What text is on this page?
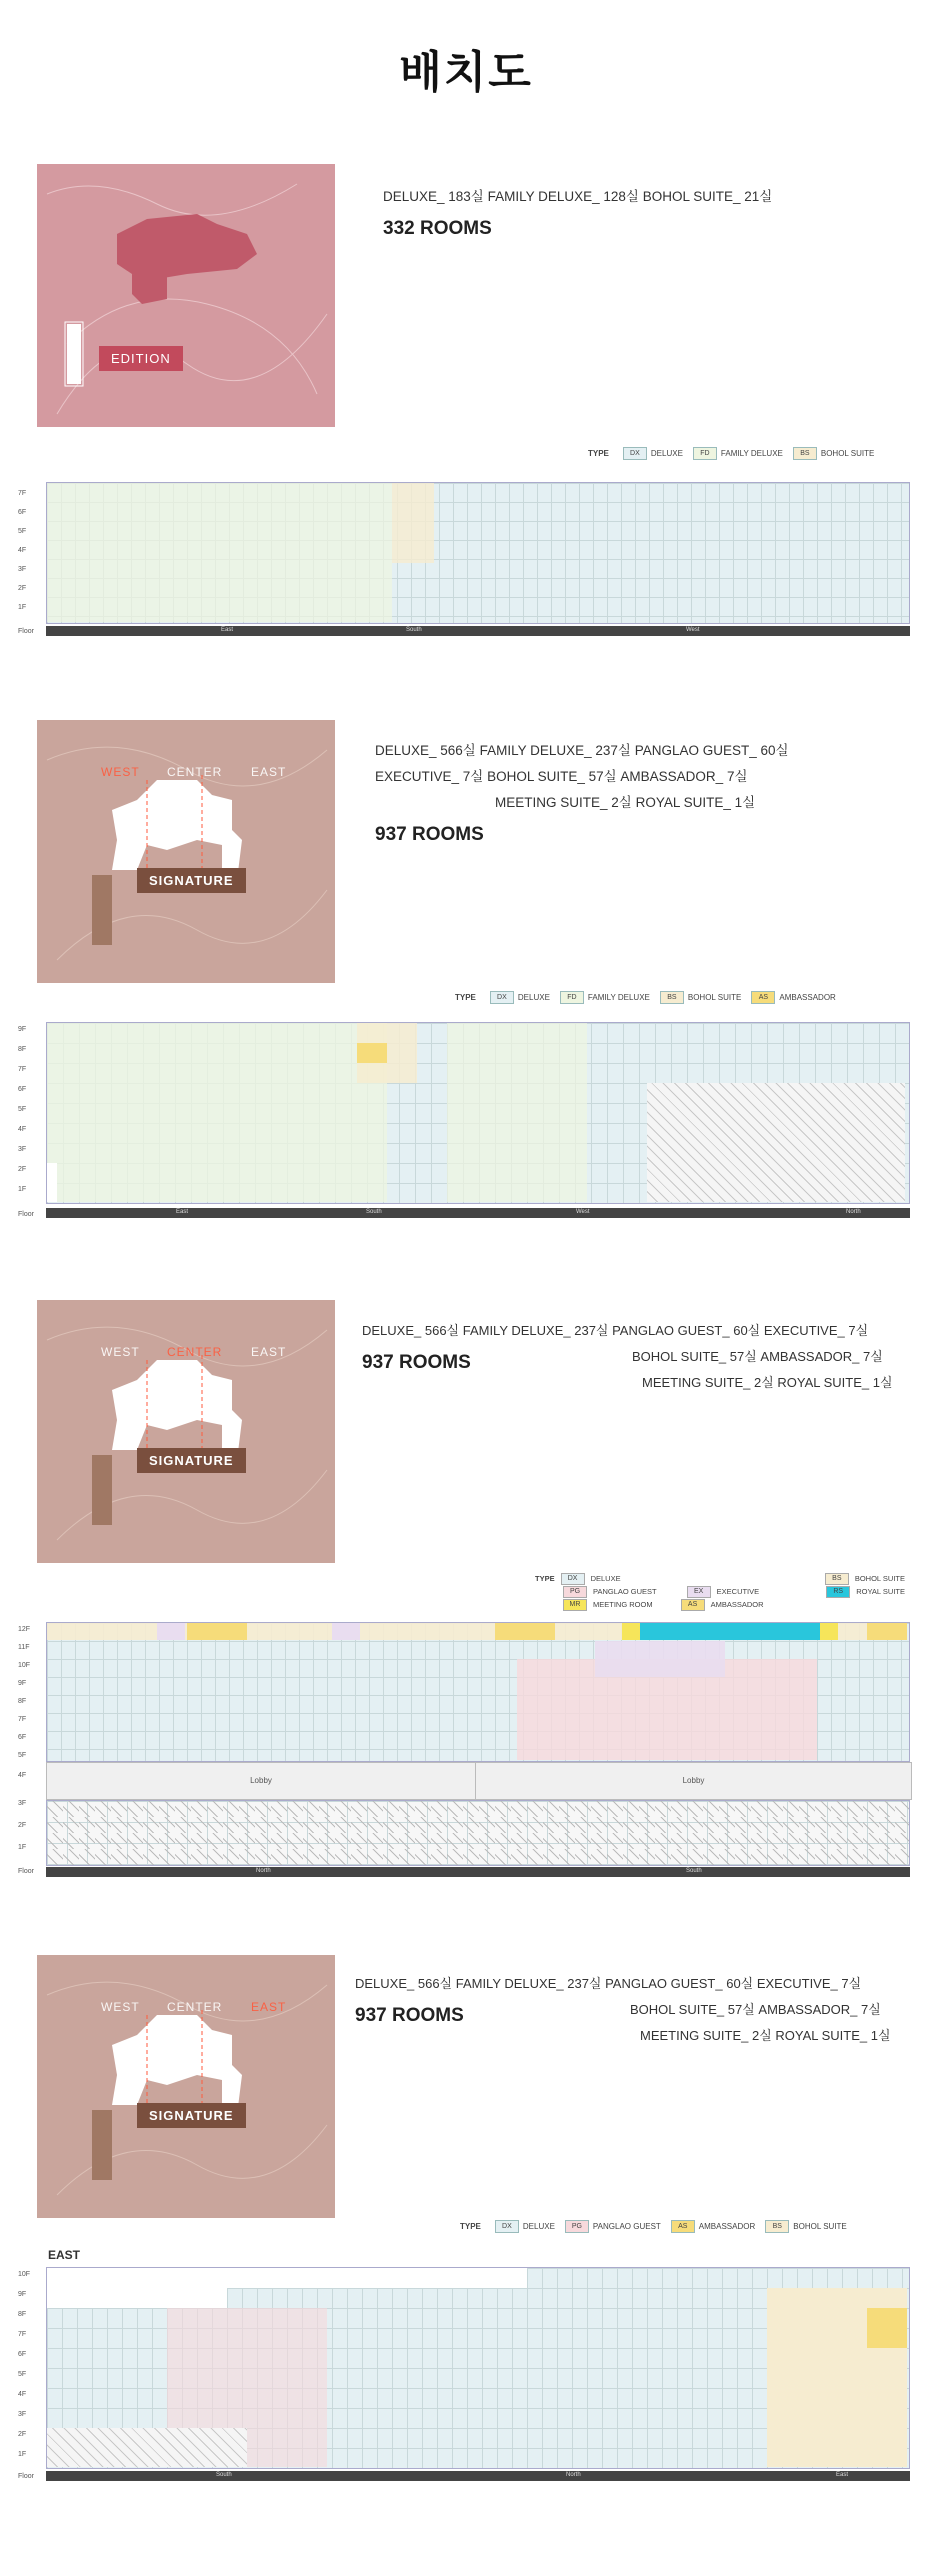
배치도
EDITION
DELUXE_ 183실 FAMILY DELUXE_ 128실 BOHOL SUITE_ 21실
332 ROOMS
TYPE	DX	DELUXE	FD	FAMILY DELUXE	BS	BOHOL SUITE
7F
6F
5F
4F
3F
2F
1F
Floor	East	South	West
WEST CENTER EAST
SIGNATURE
DELUXE_ 566실 FAMILY DELUXE_ 237실 PANGLAO GUEST_ 60실
EXECUTIVE_ 7실 BOHOL SUITE_ 57실 AMBASSADOR_ 7실
MEETING SUITE_ 2실 ROYAL SUITE_ 1실
937 ROOMS
TYPE	DX	DELUXE	FD	FAMILY DELUXE	BS	BOHOL SUITE	AS	AMBASSADOR
9F
8F
7F
6F
5F
4F
3F
2F
1F
Floor	East	South	West	North
WEST CENTER EAST
SIGNATURE
DELUXE_ 566실 FAMILY DELUXE_ 237실 PANGLAO GUEST_ 60실 EXECUTIVE_ 7실
BOHOL SUITE_ 57실 AMBASSADOR_ 7실
MEETING SUITE_ 2실 ROYAL SUITE_ 1실
937 ROOMS
TYPE	DX	DELUXE	BS	BOHOL SUITE
PG	PANGLAO GUEST	EX	EXECUTIVE	RS	ROYAL SUITE
MR	MEETING ROOM	AS	AMBASSADOR
12F
11F
10F
9F
8F
7F
6F
5F
4F
3F
2F
1F
Floor
Lobby	Lobby
North	South
WEST CENTER EAST
SIGNATURE
DELUXE_ 566실 FAMILY DELUXE_ 237실 PANGLAO GUEST_ 60실 EXECUTIVE_ 7실
BOHOL SUITE_ 57실 AMBASSADOR_ 7실
MEETING SUITE_ 2실 ROYAL SUITE_ 1실
937 ROOMS
TYPE	DX	DELUXE	PG	PANGLAO GUEST	AS	AMBASSADOR	BS	BOHOL SUITE
EAST
10F
9F
8F
7F
6F
5F
4F
3F
2F
1F
Floor	South	North	East
